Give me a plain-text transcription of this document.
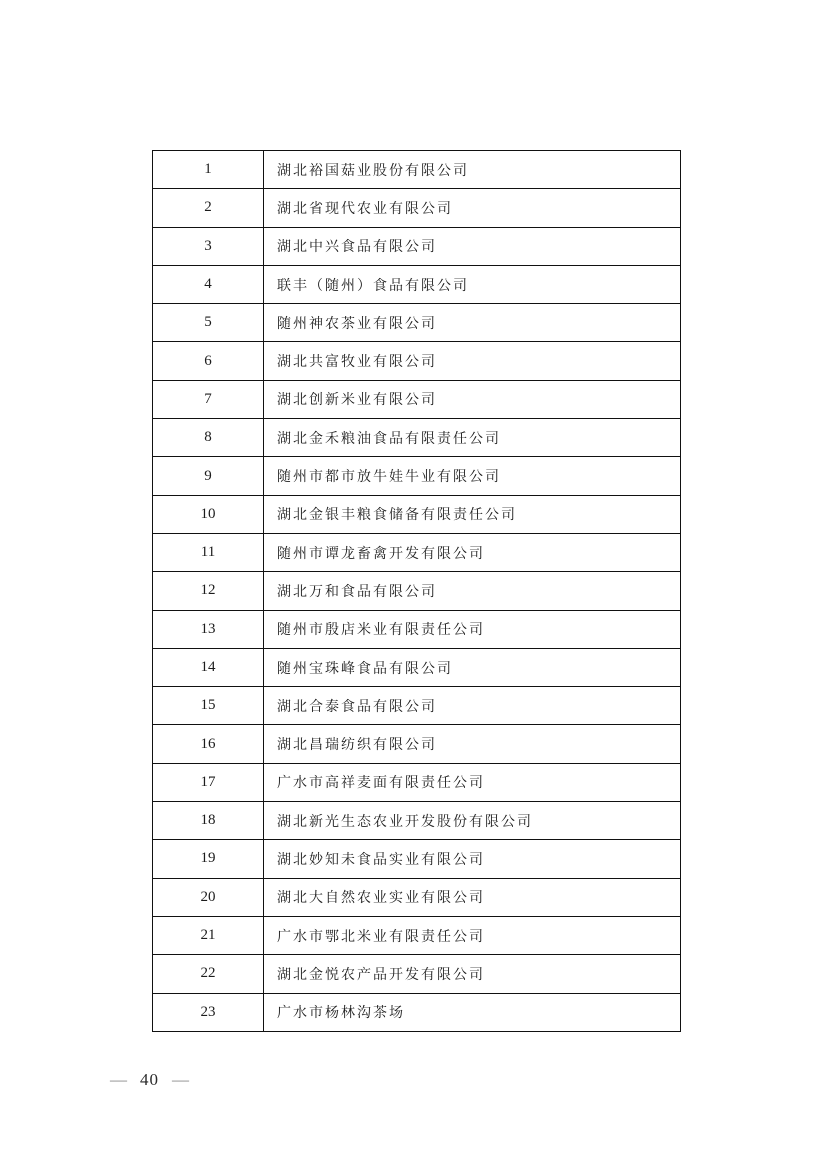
1	湖北裕国菇业股份有限公司
2	湖北省现代农业有限公司
3	湖北中兴食品有限公司
4	联丰（随州）食品有限公司
5	随州神农茶业有限公司
6	湖北共富牧业有限公司
7	湖北创新米业有限公司
8	湖北金禾粮油食品有限责任公司
9	随州市都市放牛娃牛业有限公司
10	湖北金银丰粮食储备有限责任公司
11	随州市谭龙畜禽开发有限公司
12	湖北万和食品有限公司
13	随州市殷店米业有限责任公司
14	随州宝珠峰食品有限公司
15	湖北合泰食品有限公司
16	湖北昌瑞纺织有限公司
17	广水市高祥麦面有限责任公司
18	湖北新光生态农业开发股份有限公司
19	湖北妙知未食品实业有限公司
20	湖北大自然农业实业有限公司
21	广水市鄂北米业有限责任公司
22	湖北金悦农产品开发有限公司
23	广水市杨林沟茶场
— 40 —
